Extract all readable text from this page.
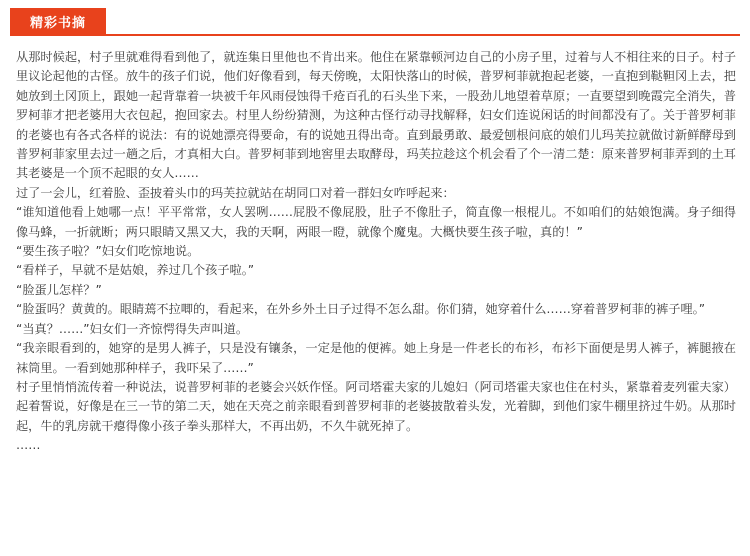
精彩书摘

从那时候起，村子里就难得看到他了，就连集日里他也不肯出来。他住在紧靠顿河边自己的小房子里，过着与人不相往来的日子。村子里议论起他的古怪。放牛的孩子们说，他们好像看到，每天傍晚，太阳快落山的时候，普罗柯菲就抱起老婆，一直抱到鞑靼冈上去，把她放到土冈顶上，跟她一起背靠着一块被千年风雨侵蚀得千疮百孔的石头坐下来，一股劲儿地望着草原；一直要望到晚霞完全消失，普罗柯菲才把老婆用大衣包起，抱回家去。村里人纷纷猜测，为这种古怪行动寻找解释，妇女们连说闲话的时间都没有了。关于普罗柯菲的老婆也有各式各样的说法：有的说她漂亮得要命，有的说她丑得出奇。直到最勇敢、最爱刨根问底的娘们儿玛芙拉就做讨新鲜酵母到普罗柯菲家里去过一趟之后，才真相大白。普罗柯菲到地窖里去取酵母，玛芙拉趁这个机会看了个一清二楚：原来普罗柯菲弄到的土耳其老婆是一个顶不起眼的女人……

过了一会儿，红着脸、歪披着头巾的玛芙拉就站在胡同口对着一群妇女咋呼起来：

“谁知道他看上她哪一点！平平常常，女人罢咧……屁股不像屁股，肚子不像肚子，简直像一根棍儿。不如咱们的姑娘饱满。身子细得像马蜂，一折就断；两只眼睛又黑又大，我的天啊，两眼一瞪，就像个魔鬼。大概快要生孩子啦，真的！”

“要生孩子啦？”妇女们吃惊地说。

“看样子，早就不是姑娘，养过几个孩子啦。”

“脸蛋儿怎样？”

“脸蛋吗？黄黄的。眼睛蔫不拉唧的，看起来，在外乡外土日子过得不怎么甜。你们猜，她穿着什么……穿着普罗柯菲的裤子哩。”

“当真？……”妇女们一齐惊愕得失声叫道。

“我亲眼看到的，她穿的是男人裤子，只是没有镶条，一定是他的便裤。她上身是一件老长的布衫，布衫下面便是男人裤子，裤腿掖在袜筒里。一看到她那种样子，我吓呆了……”

村子里悄悄流传着一种说法，说普罗柯菲的老婆会兴妖作怪。阿司塔霍夫家的儿媳妇（阿司塔霍夫家也住在村头，紧靠着麦列霍夫家）起着誓说，好像是在三一节的第二天，她在天亮之前亲眼看到普罗柯菲的老婆披散着头发，光着脚，到他们家牛棚里挤过牛奶。从那时起，牛的乳房就干瘪得像小孩子拳头那样大，不再出奶，不久牛就死掉了。

……
